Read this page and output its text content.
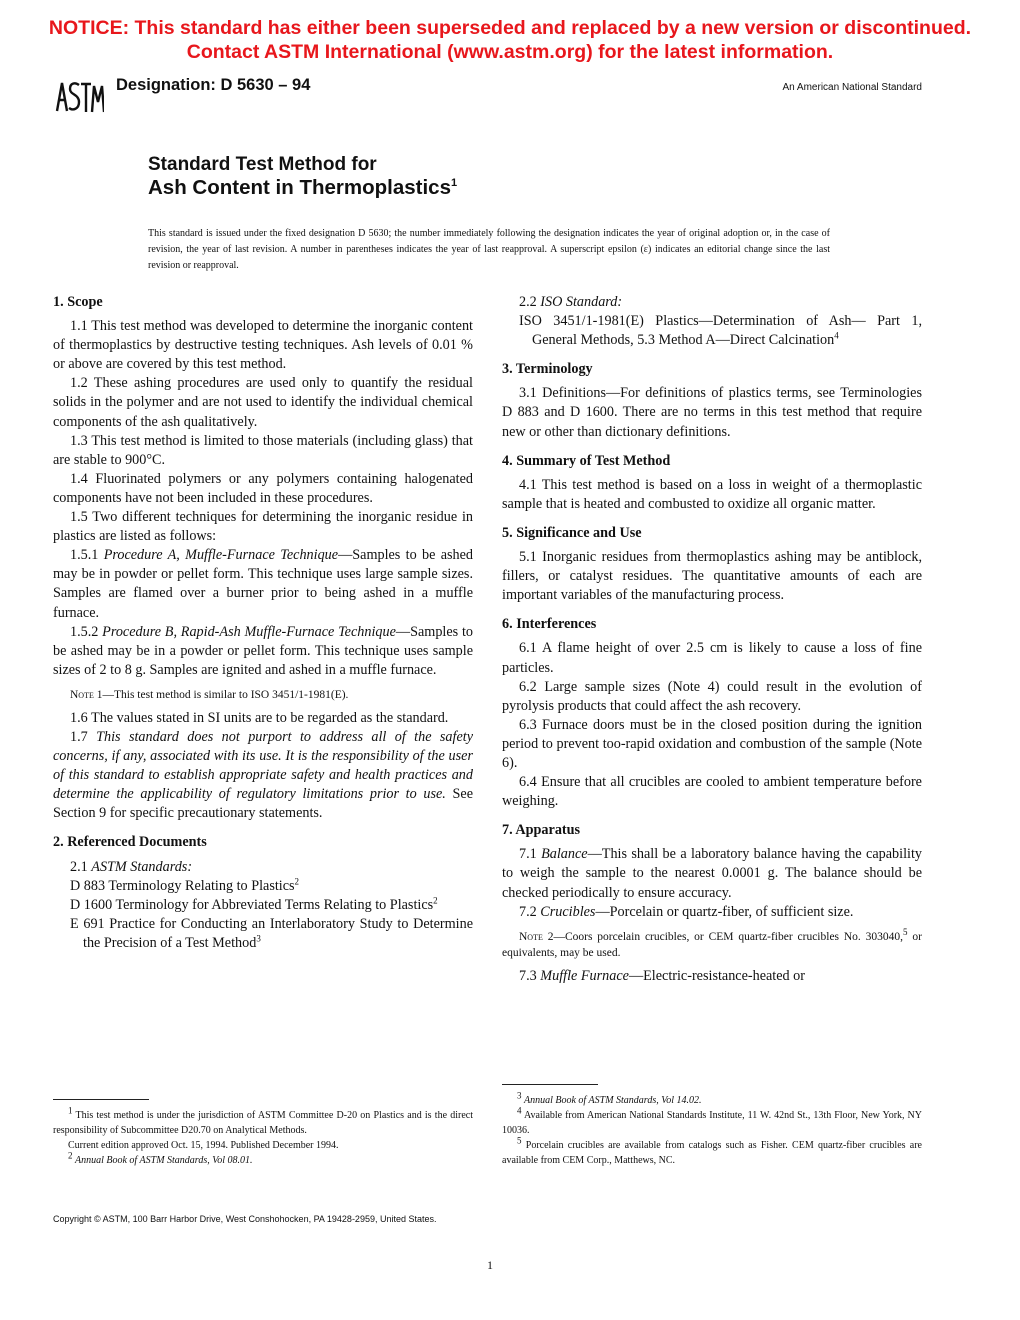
NOTICE: This standard has either been superseded and replaced by a new version or discontinued.
Contact ASTM International (www.astm.org) for the latest information.
Designation: D 5630 – 94	An American National Standard
Standard Test Method for
Ash Content in Thermoplastics$^1$
This standard is issued under the fixed designation D 5630; the number immediately following the designation indicates the year of original adoption or, in the case of revision, the year of last revision. A number in parentheses indicates the year of last reapproval. A superscript epsilon (ε) indicates an editorial change since the last revision or reapproval.
1. Scope

1.1 This test method was developed to determine the inorganic content of thermoplastics by destructive testing techniques. Ash levels of 0.01 % or above are covered by this test method.

1.2 These ashing procedures are used only to quantify the residual solids in the polymer and are not used to identify the individual chemical components of the ash qualitatively.

1.3 This test method is limited to those materials (including glass) that are stable to 900°C.

1.4 Fluorinated polymers or any polymers containing halogenated components have not been included in these procedures.

1.5 Two different techniques for determining the inorganic residue in plastics are listed as follows:

1.5.1 Procedure A, Muffle-Furnace Technique—Samples to be ashed may be in powder or pellet form. This technique uses large sample sizes. Samples are flamed over a burner prior to being ashed in a muffle furnace.

1.5.2 Procedure B, Rapid-Ash Muffle-Furnace Technique—Samples to be ashed may be in a powder or pellet form. This technique uses sample sizes of 2 to 8 g. Samples are ignited and ashed in a muffle furnace.

Note 1—This test method is similar to ISO 3451/1-1981(E).

1.6 The values stated in SI units are to be regarded as the standard.

1.7 This standard does not purport to address all of the safety concerns, if any, associated with its use. It is the responsibility of the user of this standard to establish appropriate safety and health practices and determine the applicability of regulatory limitations prior to use. See Section 9 for specific precautionary statements.

2. Referenced Documents

2.1 ASTM Standards:

D 883 Terminology Relating to Plastics$^2$

D 1600 Terminology for Abbreviated Terms Relating to Plastics$^2$

E 691 Practice for Conducting an Interlaboratory Study to Determine the Precision of a Test Method$^3$

$^1$ This test method is under the jurisdiction of ASTM Committee D-20 on Plastics and is the direct responsibility of Subcommittee D20.70 on Analytical Methods.

Current edition approved Oct. 15, 1994. Published December 1994.

$^2$ Annual Book of ASTM Standards, Vol 08.01.

2.2 ISO Standard:

ISO 3451/1-1981(E) Plastics—Determination of Ash— Part 1, General Methods, 5.3 Method A—Direct Calcination$^4$

3. Terminology

3.1 Definitions—For definitions of plastics terms, see Terminologies D 883 and D 1600. There are no terms in this test method that require new or other than dictionary definitions.

4. Summary of Test Method

4.1 This test method is based on a loss in weight of a thermoplastic sample that is heated and combusted to oxidize all organic matter.

5. Significance and Use

5.1 Inorganic residues from thermoplastics ashing may be antiblock, fillers, or catalyst residues. The quantitative amounts of each are important variables of the manufacturing process.

6. Interferences

6.1 A flame height of over 2.5 cm is likely to cause a loss of fine particles.

6.2 Large sample sizes (Note 4) could result in the evolution of pyrolysis products that could affect the ash recovery.

6.3 Furnace doors must be in the closed position during the ignition period to prevent too-rapid oxidation and combustion of the sample (Note 6).

6.4 Ensure that all crucibles are cooled to ambient temperature before weighing.

7. Apparatus

7.1 Balance—This shall be a laboratory balance having the capability to weigh the sample to the nearest 0.0001 g. The balance should be checked periodically to ensure accuracy.

7.2 Crucibles—Porcelain or quartz-fiber, of sufficient size.

Note 2—Coors porcelain crucibles, or CEM quartz-fiber crucibles No. 303040,$^5$ or equivalents, may be used.

7.3 Muffle Furnace—Electric-resistance-heated or

$^3$ Annual Book of ASTM Standards, Vol 14.02.

$^4$ Available from American National Standards Institute, 11 W. 42nd St., 13th Floor, New York, NY 10036.

$^5$ Porcelain crucibles are available from catalogs such as Fisher. CEM quartz-fiber crucibles are available from CEM Corp., Matthews, NC.

Copyright © ASTM, 100 Barr Harbor Drive, West Conshohocken, PA 19428-2959, United States.
1
